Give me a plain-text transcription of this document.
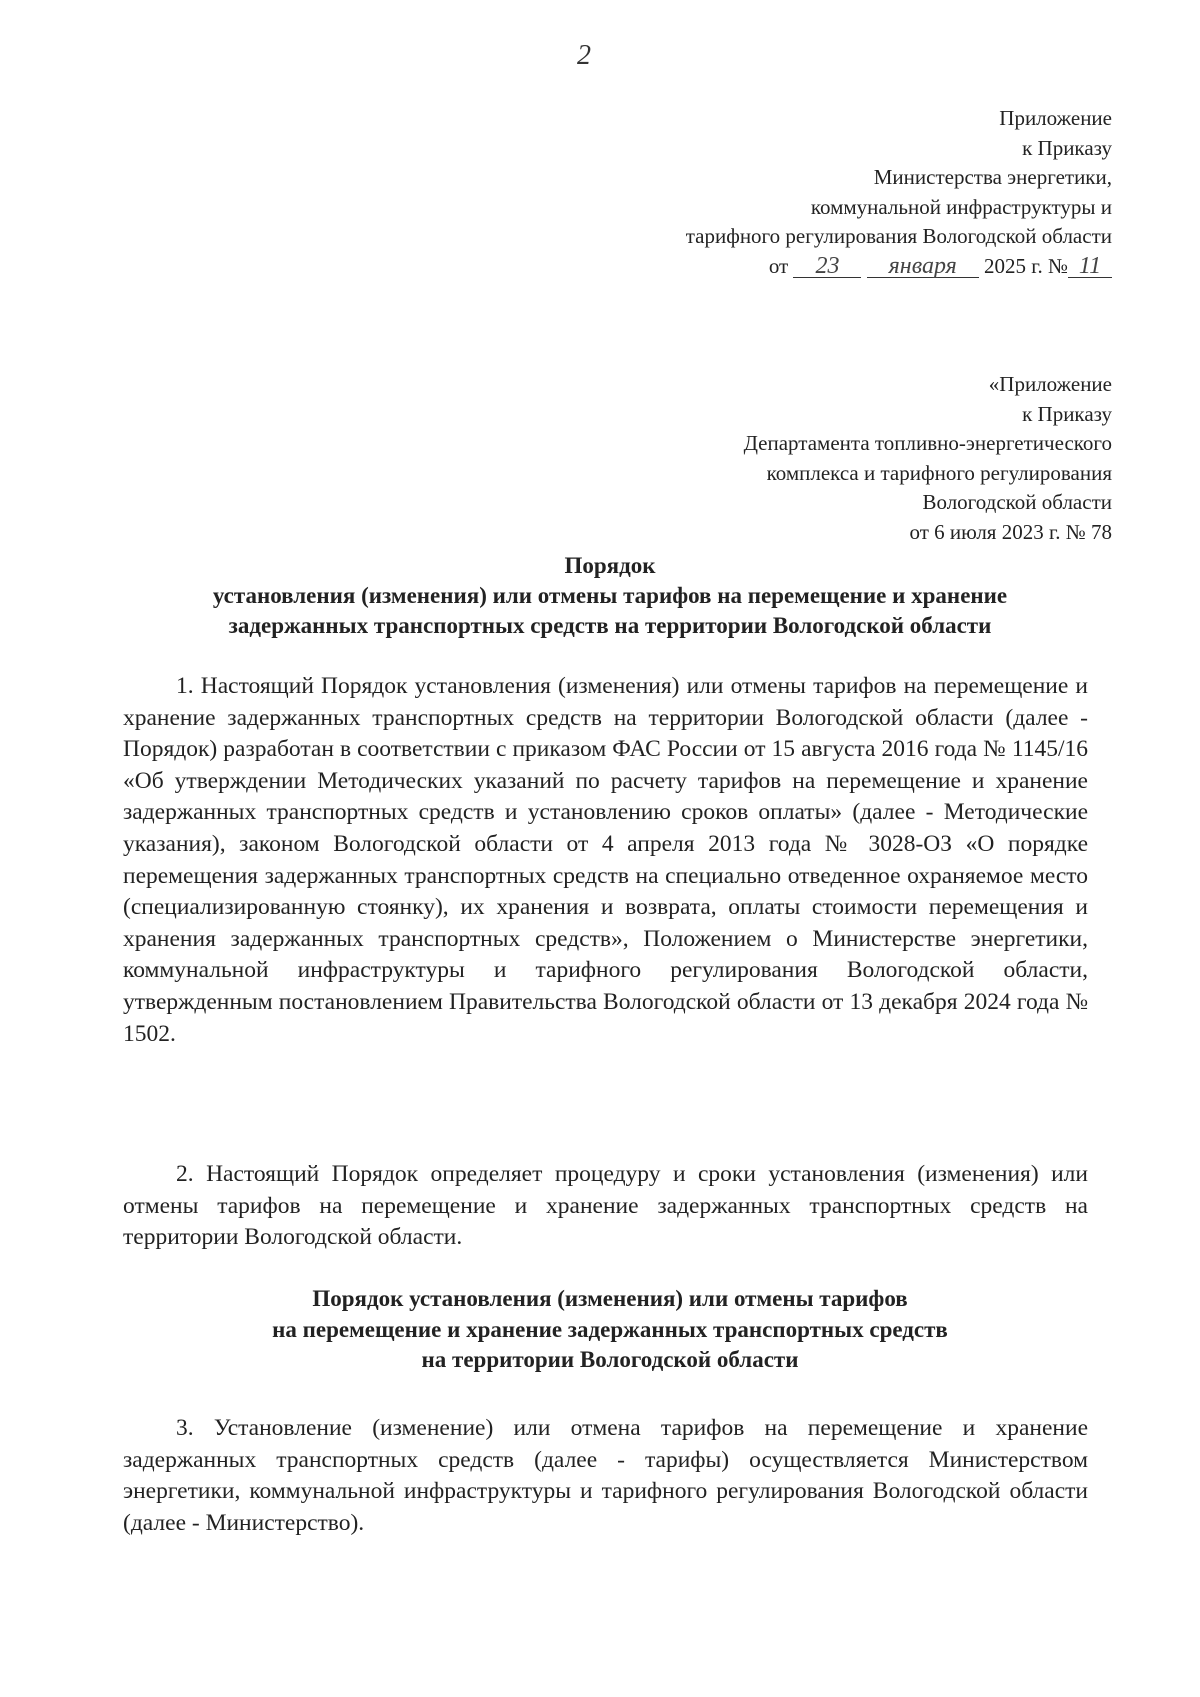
2
Приложение
к Приказу
Министерства энергетики,
коммунальной инфраструктуры и
тарифного регулирования Вологодской области
от 23 января 2025 г. № 11
«Приложение
к Приказу
Департамента топливно-энергетического
комплекса и тарифного регулирования
Вологодской области
от 6 июля 2023 г. № 78
Порядок
установления (изменения) или отмены тарифов на перемещение и хранение
задержанных транспортных средств на территории Вологодской области

1. Настоящий Порядок установления (изменения) или отмены тарифов на перемещение и хранение задержанных транспортных средств на территории Вологодской области (далее - Порядок) разработан в соответствии с приказом ФАС России от 15 августа 2016 года № 1145/16 «Об утверждении Методических указаний по расчету тарифов на перемещение и хранение задержанных транспортных средств и установлению сроков оплаты» (далее - Методические указания), законом Вологодской области от 4 апреля 2013 года № 3028-ОЗ «О порядке перемещения задержанных транспортных средств на специально отведенное охраняемое место (специализированную стоянку), их хранения и возврата, оплаты стоимости перемещения и хранения задержанных транспортных средств», Положением о Министерстве энергетики, коммунальной инфраструктуры и тарифного регулирования Вологодской области, утвержденным постановлением Правительства Вологодской области от 13 декабря 2024 года № 1502.

2. Настоящий Порядок определяет процедуру и сроки установления (изменения) или отмены тарифов на перемещение и хранение задержанных транспортных средств на территории Вологодской области.

Порядок установления (изменения) или отмены тарифов
на перемещение и хранение задержанных транспортных средств
на территории Вологодской области

3. Установление (изменение) или отмена тарифов на перемещение и хранение задержанных транспортных средств (далее - тарифы) осуществляется Министерством энергетики, коммунальной инфраструктуры и тарифного регулирования Вологодской области (далее - Министерство).
